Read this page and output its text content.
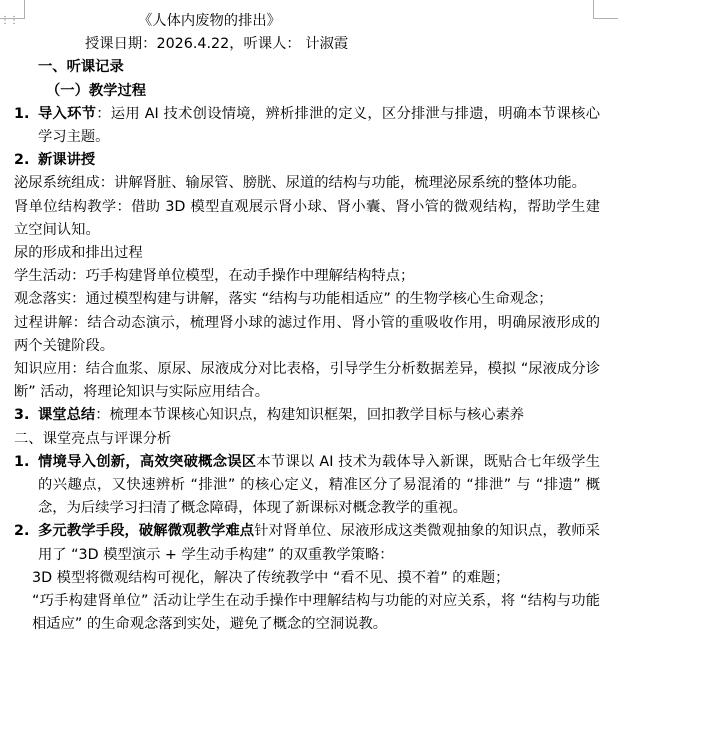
⋮⋮	《人体内废物的排出》
授课日期：2026.4.22，听课人： 计淑霞
一、听课记录
（一）教学过程
1. 导入环节：运用 AI 技术创设情境，辨析排泄的定义，区分排泄与排遗，明确本节课核心学习主题。
2. 新课讲授
泌尿系统组成：讲解肾脏、输尿管、膀胱、尿道的结构与功能，梳理泌尿系统的整体功能。
肾单位结构教学：借助 3D 模型直观展示肾小球、肾小囊、肾小管的微观结构，帮助学生建立空间认知。
尿的形成和排出过程
学生活动：巧手构建肾单位模型，在动手操作中理解结构特点；
观念落实：通过模型构建与讲解，落实 “结构与功能相适应” 的生物学核心生命观念；
过程讲解：结合动态演示，梳理肾小球的滤过作用、肾小管的重吸收作用，明确尿液形成的两个关键阶段。
知识应用：结合血浆、原尿、尿液成分对比表格，引导学生分析数据差异，模拟 “尿液成分诊断” 活动，将理论知识与实际应用结合。
3. 课堂总结：梳理本节课核心知识点，构建知识框架，回扣教学目标与核心素养
二、课堂亮点与评课分析
1. 情境导入创新，高效突破概念误区本节课以 AI 技术为载体导入新课，既贴合七年级学生的兴趣点，又快速辨析 “排泄” 的核心定义，精准区分了易混淆的 “排泄” 与 “排遗” 概念，为后续学习扫清了概念障碍，体现了新课标对概念教学的重视。
2. 多元教学手段，破解微观教学难点针对肾单位、尿液形成这类微观抽象的知识点，教师采用了 “3D 模型演示 + 学生动手构建” 的双重教学策略：
3D 模型将微观结构可视化，解决了传统教学中 “看不见、摸不着” 的难题；
“巧手构建肾单位” 活动让学生在动手操作中理解结构与功能的对应关系，将 “结构与功能相适应” 的生命观念落到实处，避免了概念的空洞说教。
